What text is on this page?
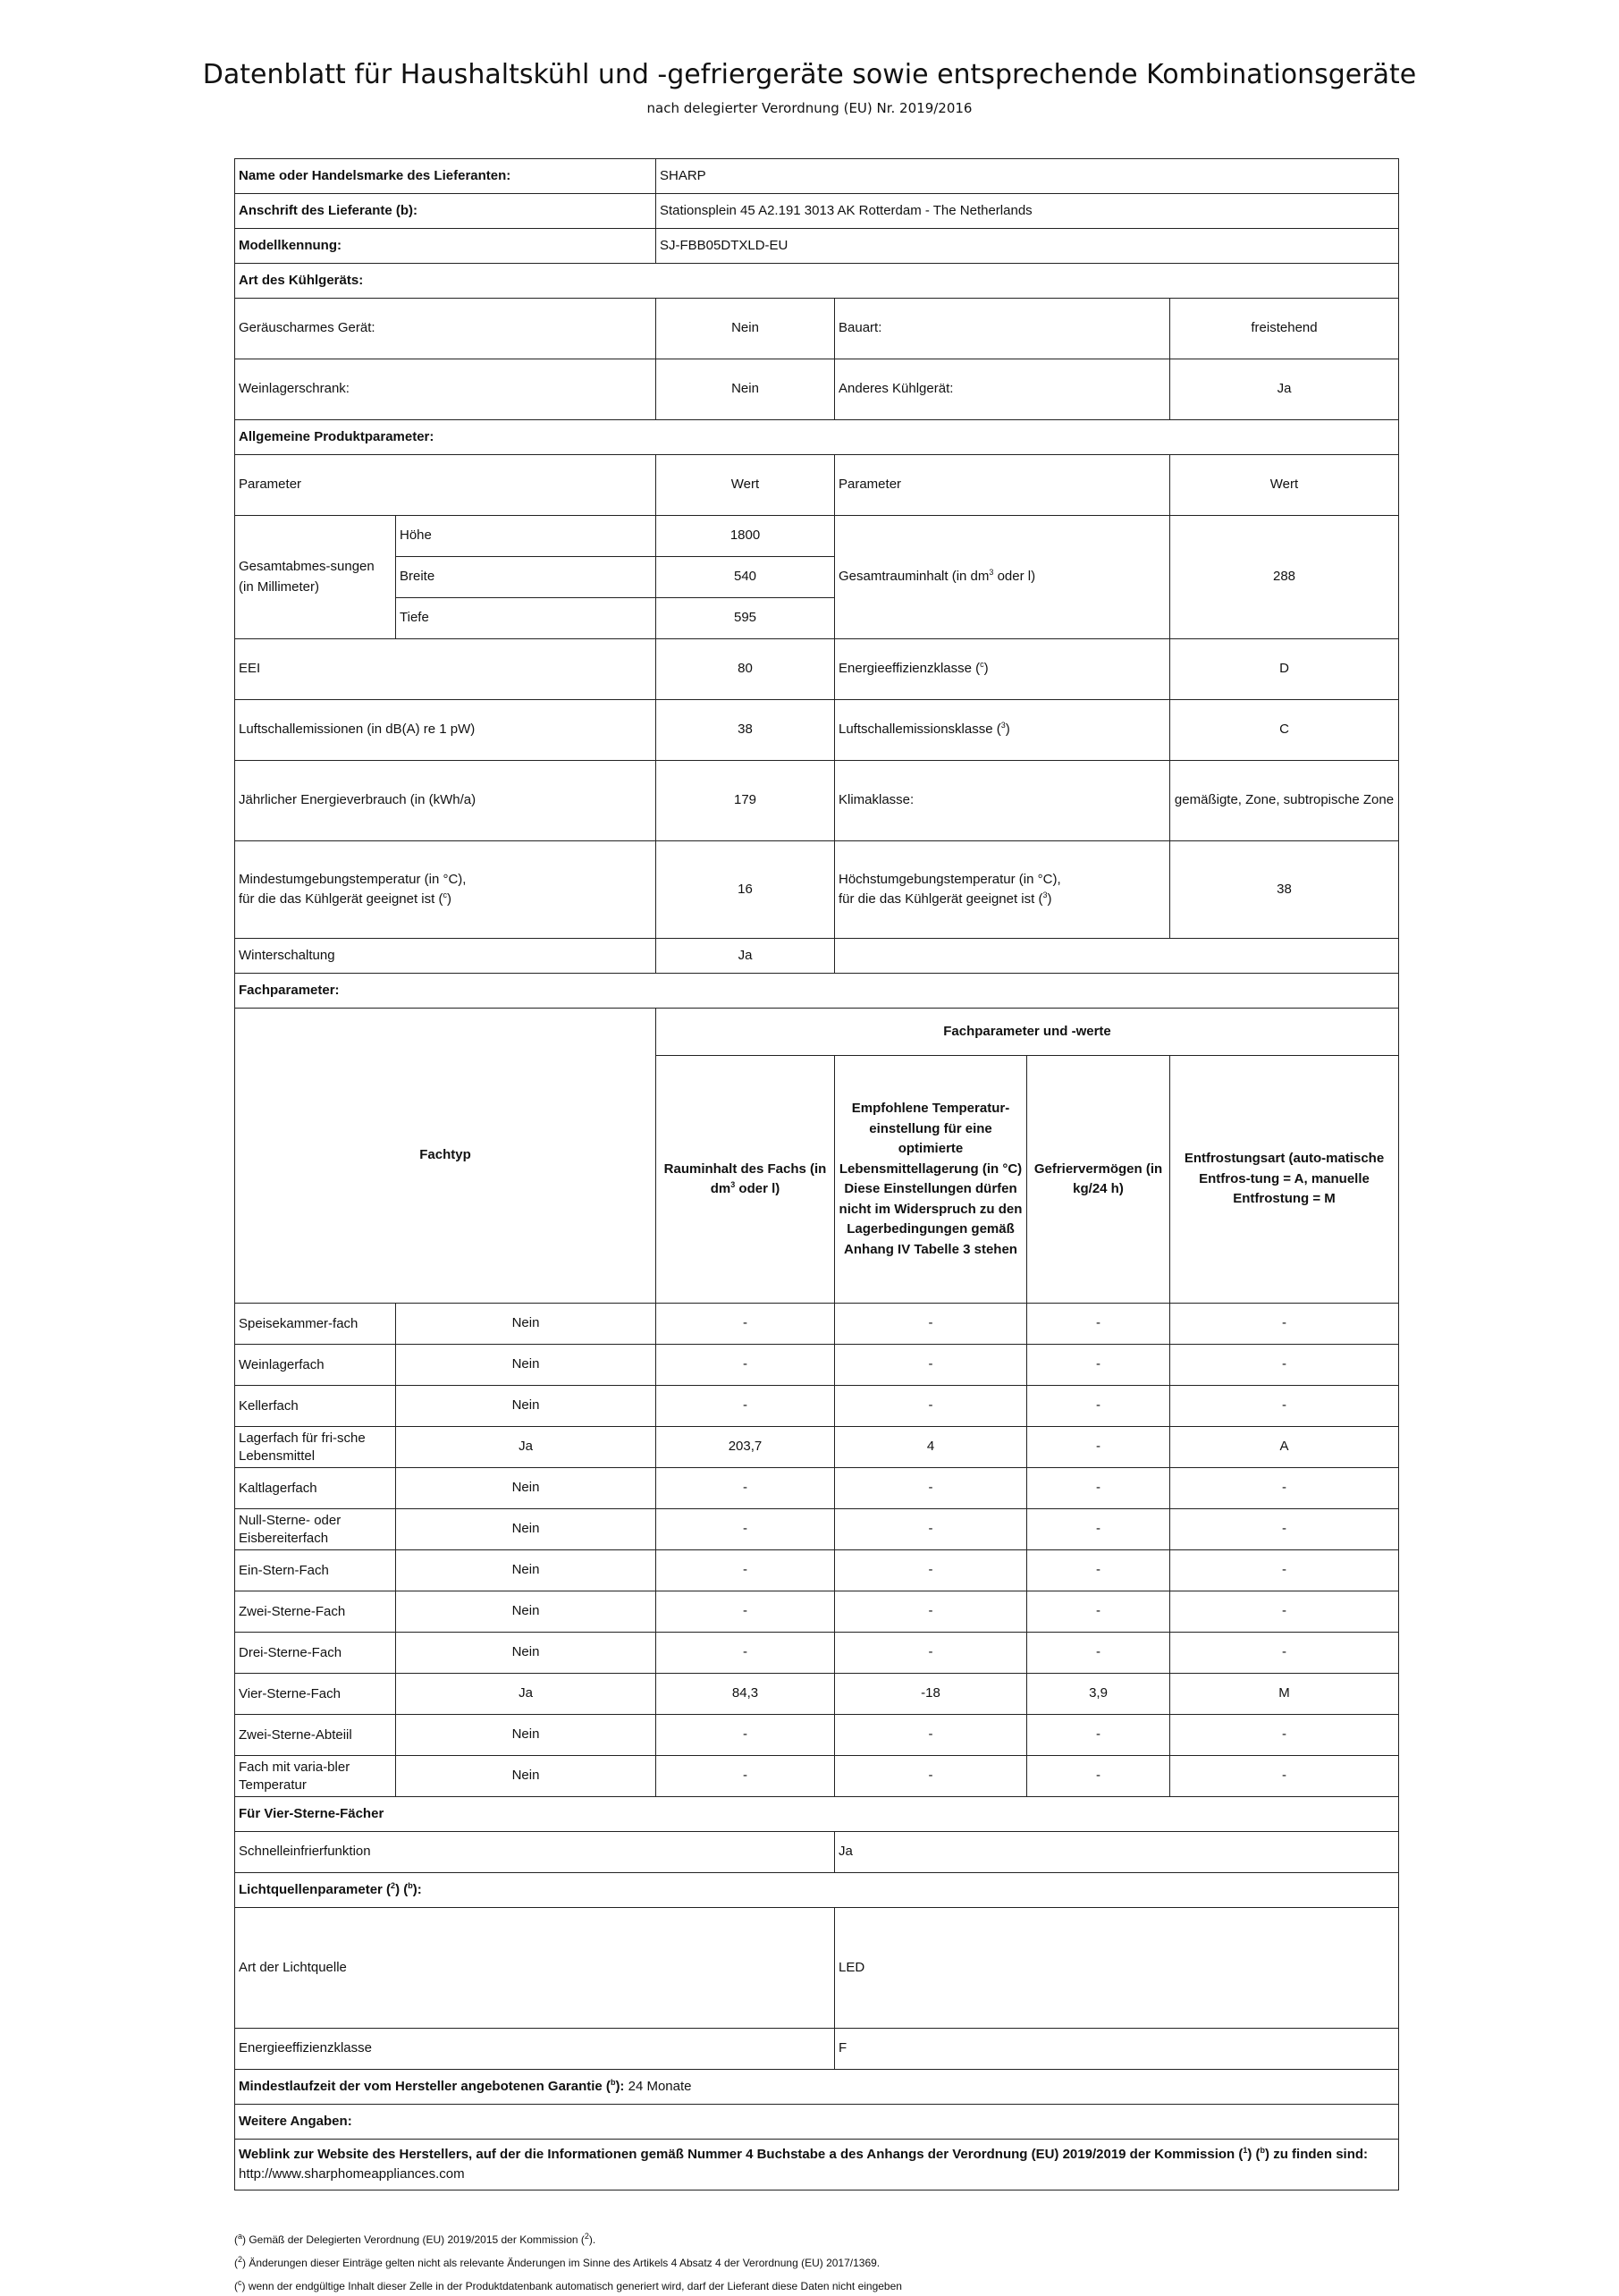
Datenblatt für Haushaltskühl und -gefriergeräte sowie entsprechende Kombinationsgeräte
nach delegierter Verordnung (EU) Nr. 2019/2016
Name oder Handelsmarke des Lieferanten:		SHARP			
Anschrift des Lieferante (b):		Stationsplein 45 A2.191 3013 AK Rotterdam - The Netherlands			
Modellkennung:		SJ-FBB05DTXLD-EU			
Art des Kühlgeräts:					
Geräuscharmes Gerät:		Nein	Bauart:		freistehend
Weinlagerschrank:		Nein	Anderes Kühlgerät:		Ja
Allgemeine Produktparameter:					
Parameter		Wert	Parameter		Wert
Gesamtabmes-sungen (in Millimeter)	Höhe	1800	Gesamtrauminhalt (in $dm^3$ oder l)		288
	Breite	540			
	Tiefe	595			
EEI		80	Energieeffizienzklasse ($^c$)		D
Luftschallemissionen (in dB(A) re 1 pW)		38	Luftschallemissionsklasse ($^3$)		C
Jährlicher Energieverbrauch (in (kWh/a)		179	Klimaklasse:		gemäßigte, Zone, subtropische Zone
Mindestumgebungstemperatur (in °C),
für die das Kühlgerät geeignet ist ($^c$)		16	Höchstumgebungstemperatur (in °C),
für die das Kühlgerät geeignet ist ($^3$)		38
Winterschaltung		Ja			
Fachparameter:					
Fachtyp		Fachparameter und -werte			
		Rauminhalt des Fachs (in $dm^3$ oder l)	Empfohlene Temperatur-einstellung für eine optimierte Lebensmittellagerung (in °C) Diese Einstellungen dürfen nicht im Widerspruch zu den Lagerbedingungen gemäß Anhang IV Tabelle 3 stehen	Gefriervermögen (in kg/24 h)	Entfrostungsart (auto-matische Entfros-tung = A, manuelle Entfrostung = M
Speisekammer-fach	Nein	-	-	-	-
Weinlagerfach	Nein	-	-	-	-
Kellerfach	Nein	-	-	-	-
Lagerfach für fri-sche Lebensmittel	Ja	203,7	4	-	A
Kaltlagerfach	Nein	-	-	-	-
Null-Sterne- oder Eisbereiterfach	Nein	-	-	-	-
Ein-Stern-Fach	Nein	-	-	-	-
Zwei-Sterne-Fach	Nein	-	-	-	-
Drei-Sterne-Fach	Nein	-	-	-	-
Vier-Sterne-Fach	Ja	84,3	-18	3,9	M
Zwei-Sterne-Abteiil	Nein	-	-	-	-
Fach mit varia-bler Temperatur	Nein	-	-	-	-
Für Vier-Sterne-Fächer					
Schnelleinfrierfunktion			Ja		
Lichtquellenparameter ($^2$) ($^b$):					
Art der Lichtquelle			LED		
Energieeffizienzklasse			F		
Mindestlaufzeit der vom Hersteller angebotenen Garantie ($^b$): 24 Monate					
Weitere Angaben:					
Weblink zur Website des Herstellers, auf der die Informationen gemäß Nummer 4 Buchstabe a des Anhangs der Verordnung (EU) 2019/2019 der Kommission ($^1$) ($^b$) zu finden sind: http://www.sharphomeappliances.com					
($^a$) Gemäß der Delegierten Verordnung (EU) 2019/2015 der Kommission ($^2$).
($^2$) Änderungen dieser Einträge gelten nicht als relevante Änderungen im Sinne des Artikels 4 Absatz 4 der Verordnung (EU) 2017/1369.
($^c$) wenn der endgültige Inhalt dieser Zelle in der Produktdatenbank automatisch generiert wird, darf der Lieferant diese Daten nicht eingeben
